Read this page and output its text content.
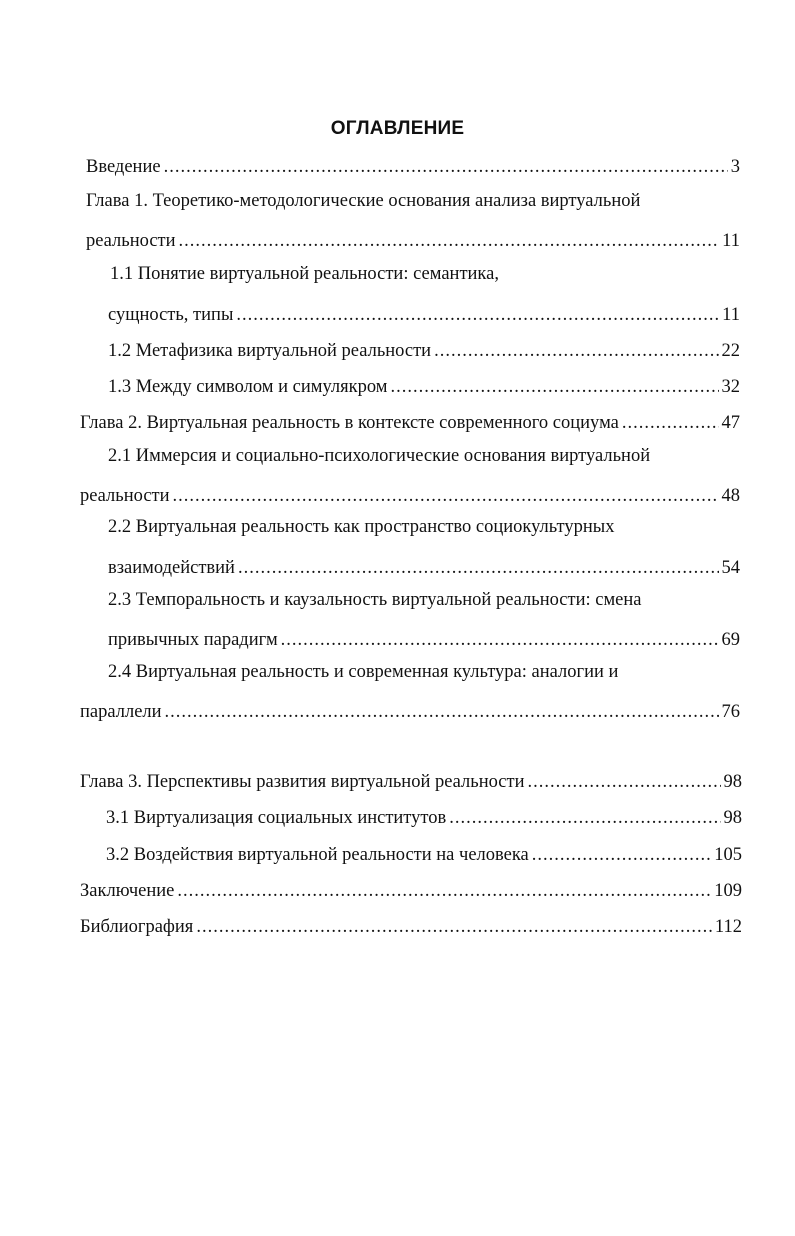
ОГЛАВЛЕНИЕ
Введение .....	3
Глава 1. Теоретико-методологические основания анализа виртуальной
реальности .....	11
1.1 Понятие виртуальной реальности: семантика,
сущность, типы .....	11
1.2 Метафизика виртуальной реальности .....	22
1.3 Между символом и симулякром .....	32
Глава 2. Виртуальная реальность в контексте современного социума .....	47
2.1 Иммерсия и социально-психологические основания виртуальной
реальности .....	48
2.2 Виртуальная реальность как пространство социокультурных
взаимодействий .....	54
2.3 Темпоральность и каузальность виртуальной реальности: смена
привычных парадигм .....	69
2.4 Виртуальная реальность и современная культура: аналогии и
параллели .....	76
Глава 3. Перспективы развития виртуальной реальности .....	98
3.1 Виртуализация социальных институтов .....	98
3.2 Воздействия виртуальной реальности на человека .....	105
Заключение .....	109
Библиография .....	112
